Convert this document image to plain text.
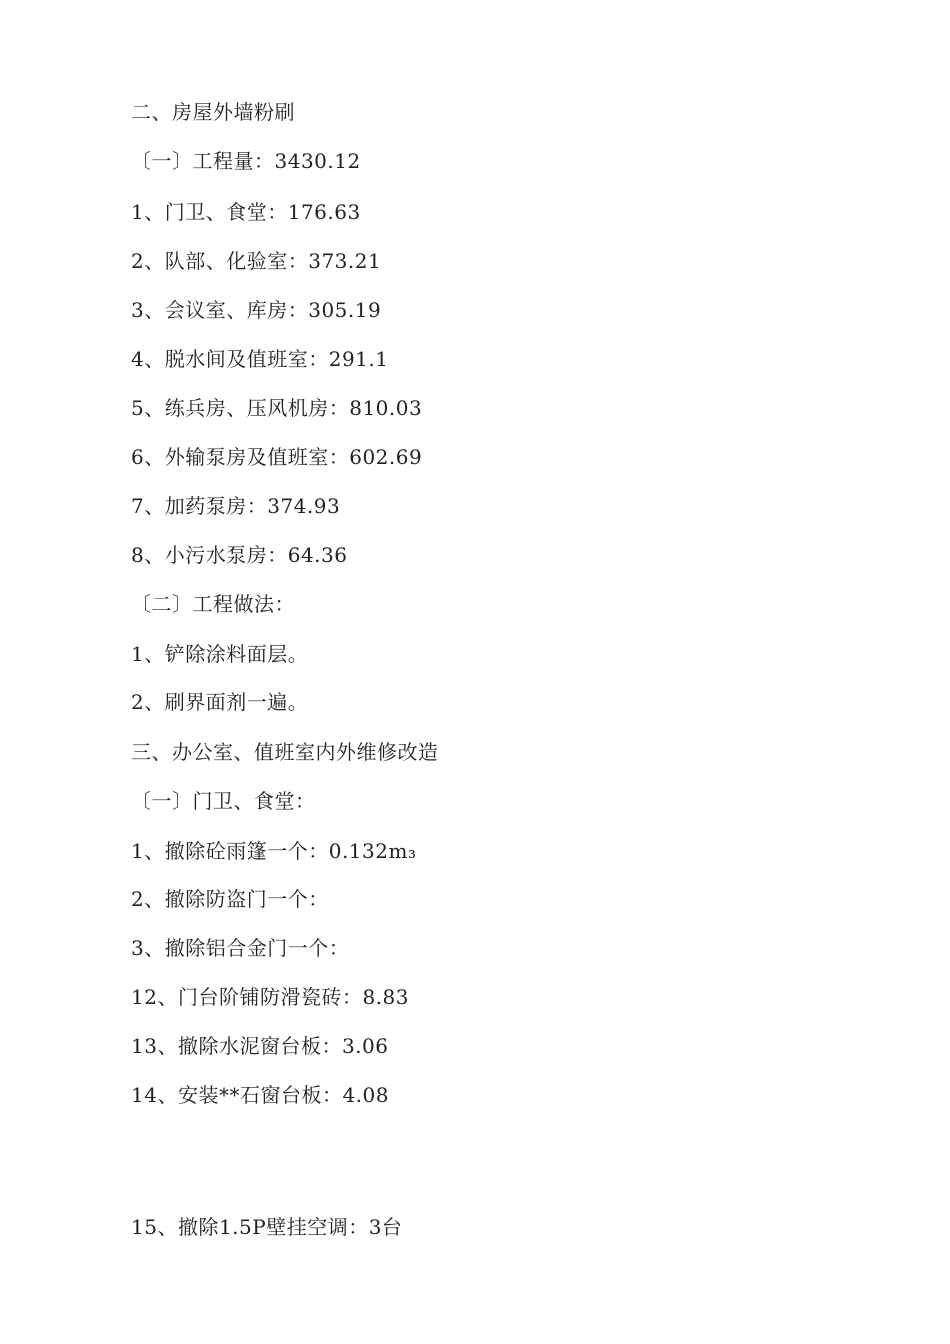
二、房屋外墙粉刷
〔一〕工程量：3430.12
1、门卫、食堂：176.63
2、队部、化验室：373.21
3、会议室、库房：305.19
4、脱水间及值班室：291.1
5、练兵房、压风机房：810.03
6、外输泵房及值班室：602.69
7、加药泵房：374.93
8、小污水泵房：64.36
〔二〕工程做法：
1、铲除涂料面层。
2、刷界面剂一遍。
三、办公室、值班室内外维修改造
〔一〕门卫、食堂：
1、撤除砼雨篷一个：0.132m₃
2、撤除防盗门一个：
3、撤除铝合金门一个：
12、门台阶铺防滑瓷砖：8.83
13、撤除水泥窗台板：3.06
14、安装**石窗台板：4.08
15、撤除1.5P壁挂空调：3台
